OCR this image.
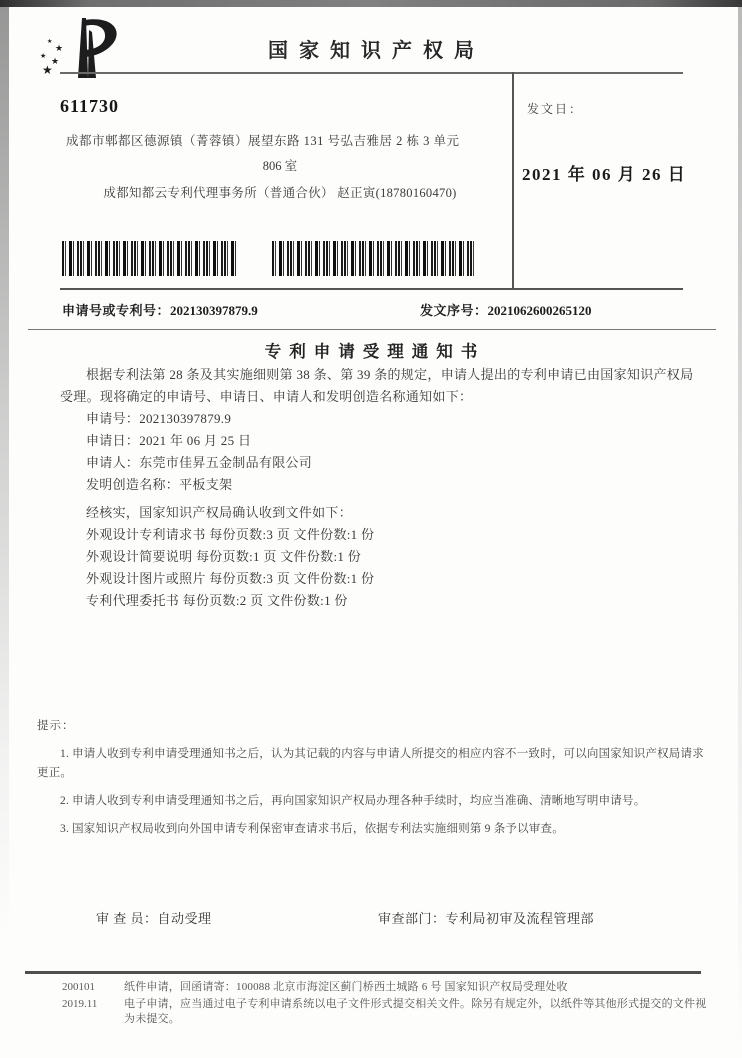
★
★
★
★
★	国家知识产权局
611730
成都市郫都区德源镇（菁蓉镇）展望东路 131 号弘吉雅居 2 栋 3 单元
806 室
成都知都云专利代理事务所（普通合伙） 赵正寅(18780160470)
发文日：
2021 年 06 月 26 日
申请号或专利号：202130397879.9	发文序号：2021062600265120
专利申请受理通知书
根据专利法第 28 条及其实施细则第 38 条、第 39 条的规定，申请人提出的专利申请已由国家知识产权局受理。现将确定的申请号、申请日、申请人和发明创造名称通知如下：
申请号：202130397879.9
申请日：2021 年 06 月 25 日
申请人：东莞市佳昇五金制品有限公司
发明创造名称：平板支架
经核实，国家知识产权局确认收到文件如下：
外观设计专利请求书 每份页数:3 页 文件份数:1 份
外观设计简要说明 每份页数:1 页 文件份数:1 份
外观设计图片或照片 每份页数:3 页 文件份数:1 份
专利代理委托书 每份页数:2 页 文件份数:1 份
提示：
1. 申请人收到专利申请受理通知书之后，认为其记载的内容与申请人所提交的相应内容不一致时，可以向国家知识产权局请求更正。
2. 申请人收到专利申请受理通知书之后，再向国家知识产权局办理各种手续时，均应当准确、清晰地写明申请号。
3. 国家知识产权局收到向外国申请专利保密审查请求书后，依据专利法实施细则第 9 条予以审查。
审 查 员：自动受理	审查部门：专利局初审及流程管理部
200101	纸件申请，回函请寄：100088 北京市海淀区蓟门桥西土城路 6 号 国家知识产权局受理处收
2019.11	电子申请，应当通过电子专利申请系统以电子文件形式提交相关文件。除另有规定外，以纸件等其他形式提交的文件视为未提交。
